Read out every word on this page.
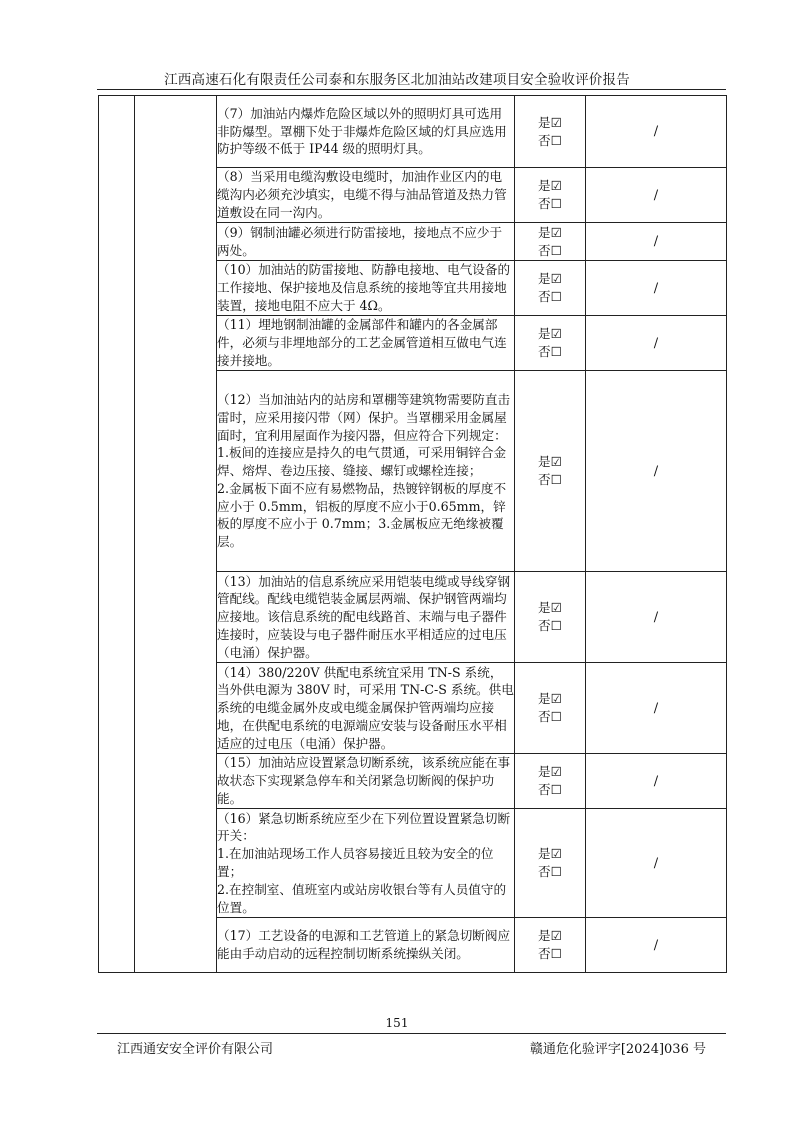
江西高速石化有限责任公司泰和东服务区北加油站改建项目安全验收评价报告
		（7）加油站内爆炸危险区域以外的照明灯具可选用非防爆型。罩棚下处于非爆炸危险区域的灯具应选用防护等级不低于 IP44 级的照明灯具。	是☑
否☐	/
		（8）当采用电缆沟敷设电缆时，加油作业区内的电缆沟内必须充沙填实，电缆不得与油品管道及热力管道敷设在同一沟内。	是☑
否☐	/
		（9）钢制油罐必须进行防雷接地，接地点不应少于两处。	是☑
否☐	/
		（10）加油站的防雷接地、防静电接地、电气设备的工作接地、保护接地及信息系统的接地等宜共用接地装置，接地电阻不应大于 4Ω。	是☑
否☐	/
		（11）埋地钢制油罐的金属部件和罐内的各金属部件，必须与非埋地部分的工艺金属管道相互做电气连接并接地。	是☑
否☐	/
		（12）当加油站内的站房和罩棚等建筑物需要防直击雷时，应采用接闪带（网）保护。当罩棚采用金属屋面时，宜利用屋面作为接闪器，但应符合下列规定：
1.板间的连接应是持久的电气贯通，可采用铜锌合金焊、熔焊、卷边压接、缝接、螺钉或螺栓连接；
2.金属板下面不应有易燃物品，热镀锌钢板的厚度不应小于 0.5mm，铝板的厚度不应小于0.65mm，锌板的厚度不应小于 0.7mm；3.金属板应无绝缘被覆层。	是☑
否☐	/
		（13）加油站的信息系统应采用铠装电缆或导线穿钢管配线。配线电缆铠装金属层两端、保护钢管两端均应接地。该信息系统的配电线路首、末端与电子器件连接时，应装设与电子器件耐压水平相适应的过电压（电涌）保护器。	是☑
否☐	/
		（14）380/220V 供配电系统宜采用 TN-S 系统，当外供电源为 380V 时，可采用 TN-C-S 系统。供电系统的电缆金属外皮或电缆金属保护管两端均应接地，在供配电系统的电源端应安装与设备耐压水平相适应的过电压（电涌）保护器。	是☑
否☐	/
		（15）加油站应设置紧急切断系统，该系统应能在事故状态下实现紧急停车和关闭紧急切断阀的保护功能。	是☑
否☐	/
		（16）紧急切断系统应至少在下列位置设置紧急切断开关：
1.在加油站现场工作人员容易接近且较为安全的位置；
2.在控制室、值班室内或站房收银台等有人员值守的位置。	是☑
否☐	/
		（17）工艺设备的电源和工艺管道上的紧急切断阀应能由手动启动的远程控制切断系统操纵关闭。	是☑
否☐	/
151
江西通安安全评价有限公司	赣通危化验评字[2024]036 号
